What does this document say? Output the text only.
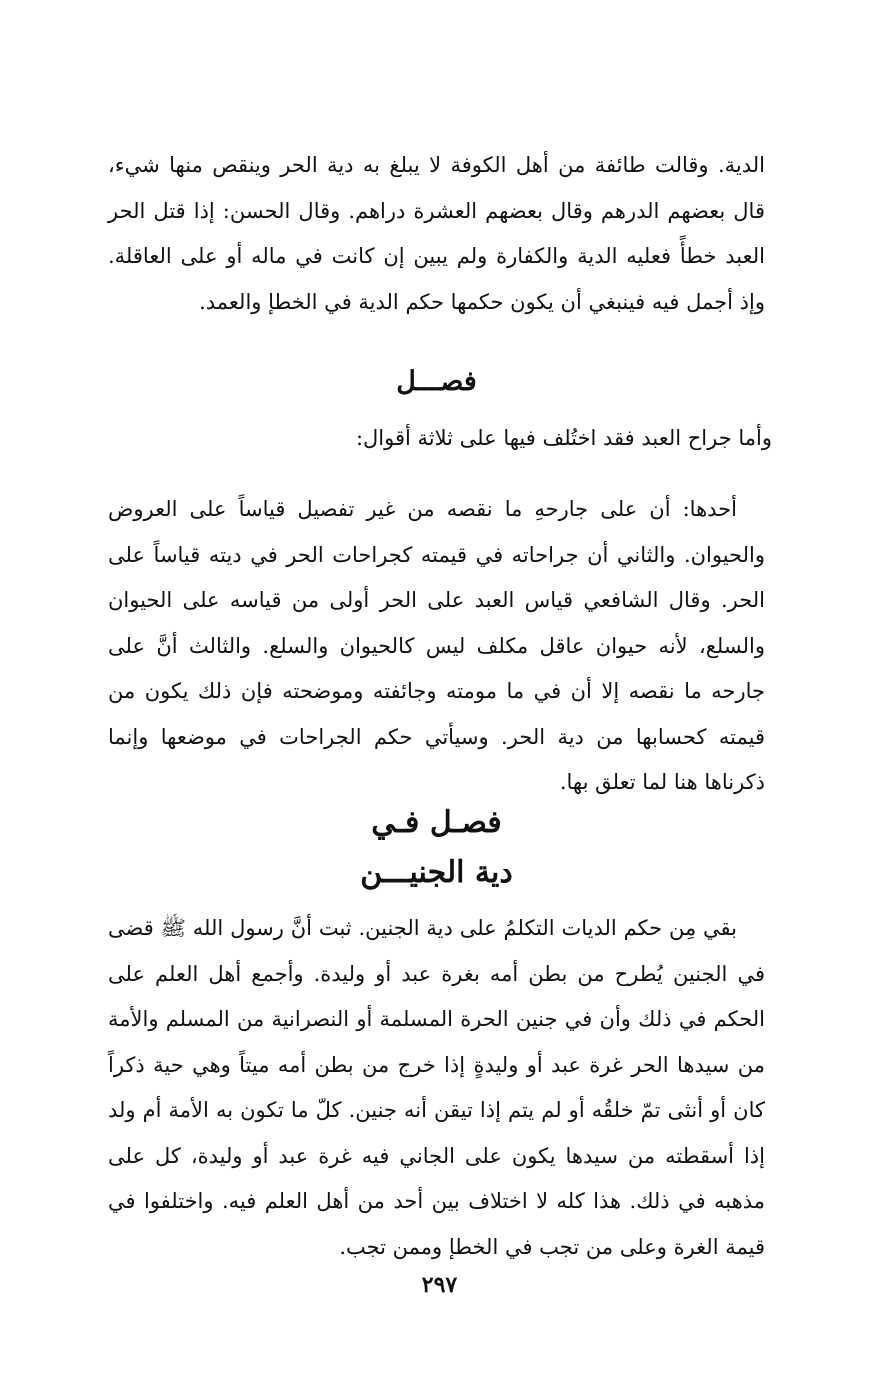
الدية. وقالت طائفة من أهل الكوفة لا يبلغ به دية الحر وينقص منها شيء، قال بعضهم الدرهم وقال بعضهم العشرة دراهم. وقال الحسن: إذا قتل الحر العبد خطأً فعليه الدية والكفارة ولم يبين إن كانت في ماله أو على العاقلة. وإذ أجمل فيه فينبغي أن يكون حكمها حكم الدية في الخطإ والعمد.

فصـــل

وأما جراح العبد فقد اختُلف فيها على ثلاثة أقوال:

أحدها: أن على جارحهِ ما نقصه من غير تفصيل قياساً على العروض والحيوان. والثاني أن جراحاته في قيمته كجراحات الحر في ديته قياساً على الحر. وقال الشافعي قياس العبد على الحر أولى من قياسه على الحيوان والسلع، لأنه حيوان عاقل مكلف ليس كالحيوان والسلع. والثالث أنَّ على جارحه ما نقصه إلا أن في ما مومته وجائفته وموضحته فإن ذلك يكون من قيمته كحسابها من دية الحر. وسيأتي حكم الجراحات في موضعها وإنما ذكرناها هنا لما تعلق بها.

فصـل فـي
دية الجنيـــن

بقي مِن حكم الديات التكلمُ على دية الجنين. ثبت أنَّ رسول الله ﷺ قضى في الجنين يُطرح من بطن أمه بغرة عبد أو وليدة. وأجمع أهل العلم على الحكم في ذلك وأن في جنين الحرة المسلمة أو النصرانية من المسلم والأمة من سيدها الحر غرة عبد أو وليدةٍ إذا خرج من بطن أمه ميتاً وهي حية ذكراً كان أو أنثى تمّ خلقُه أو لم يتم إذا تيقن أنه جنين. كلّ ما تكون به الأمة أم ولد إذا أسقطته من سيدها يكون على الجاني فيه غرة عبد أو وليدة، كل على مذهبه في ذلك. هذا كله لا اختلاف بين أحد من أهل العلم فيه. واختلفوا في قيمة الغرة وعلى من تجب في الخطإ وممن تجب.

٢٩٧
